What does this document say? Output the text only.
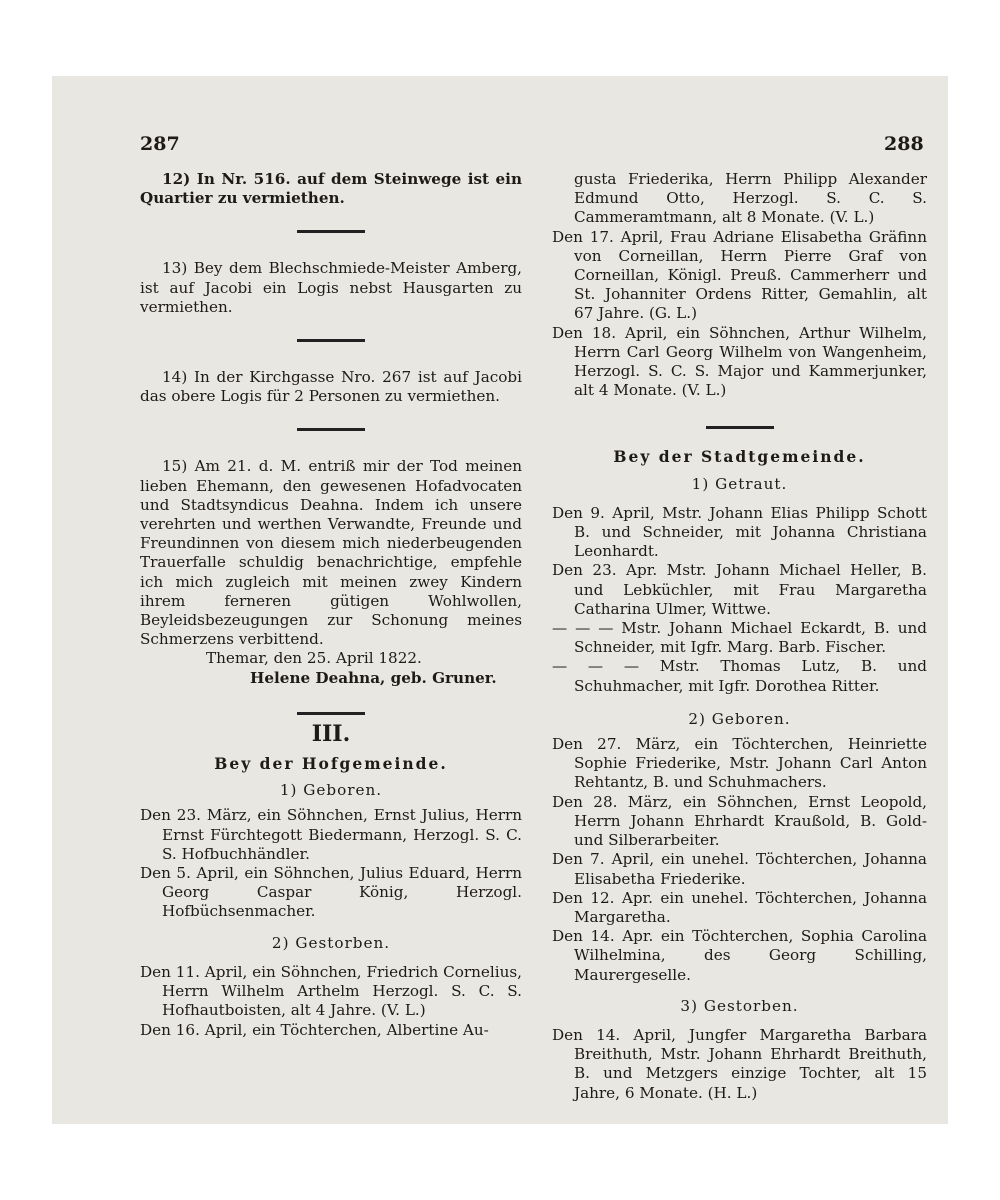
287	288

12) In Nr. 516. auf dem Steinwege ist ein Quartier zu vermiethen.

13) Bey dem Blechschmiede-Meister Amberg, ist auf Jacobi ein Logis nebst Hausgarten zu vermiethen.

14) In der Kirchgasse Nro. 267 ist auf Jacobi das obere Logis für 2 Personen zu vermiethen.

15) Am 21. d. M. entriß mir der Tod meinen lieben Ehemann, den gewesenen Hofadvocaten und Stadtsyndicus Deahna. Indem ich unsere verehrten und werthen Verwandte, Freunde und Freundinnen von diesem mich niederbeugenden Trauerfalle schuldig benachrichtige, empfehle ich mich zugleich mit meinen zwey Kindern ihrem ferneren gütigen Wohlwollen, Beyleidsbezeugungen zur Schonung meines Schmerzens verbittend.

Themar, den 25. April 1822.

Helene Deahna, geb. Gruner.

III.

Bey der Hofgemeinde.

1) Geboren.

Den 23. März, ein Söhnchen, Ernst Julius, Herrn Ernst Fürchtegott Biedermann, Herzogl. S. C. S. Hofbuchhändler.

Den 5. April, ein Söhnchen, Julius Eduard, Herrn Georg Caspar König, Herzogl. Hofbüchsenmacher.

2) Gestorben.

Den 11. April, ein Söhnchen, Friedrich Cornelius, Herrn Wilhelm Arthelm Herzogl. S. C. S. Hofhautboisten, alt 4 Jahre. (V. L.)

Den 16. April, ein Töchterchen, Albertine Au-

gusta Friederika, Herrn Philipp Alexander Edmund Otto, Herzogl. S. C. S. Cammeramtmann, alt 8 Monate. (V. L.)

Den 17. April, Frau Adriane Elisabetha Gräfinn von Corneillan, Herrn Pierre Graf von Corneillan, Königl. Preuß. Cammerherr und St. Johanniter Ordens Ritter, Gemahlin, alt 67 Jahre. (G. L.)

Den 18. April, ein Söhnchen, Arthur Wilhelm, Herrn Carl Georg Wilhelm von Wangenheim, Herzogl. S. C. S. Major und Kammerjunker, alt 4 Monate. (V. L.)

Bey der Stadtgemeinde.

1) Getraut.

Den 9. April, Mstr. Johann Elias Philipp Schott B. und Schneider, mit Johanna Christiana Leonhardt.

Den 23. Apr. Mstr. Johann Michael Heller, B. und Lebküchler, mit Frau Margaretha Catharina Ulmer, Wittwe.

— — — Mstr. Johann Michael Eckardt, B. und Schneider, mit Igfr. Marg. Barb. Fischer.

— — — Mstr. Thomas Lutz, B. und Schuhmacher, mit Igfr. Dorothea Ritter.

2) Geboren.

Den 27. März, ein Töchterchen, Heinriette Sophie Friederike, Mstr. Johann Carl Anton Rehtantz, B. und Schuhmachers.

Den 28. März, ein Söhnchen, Ernst Leopold, Herrn Johann Ehrhardt Kraußold, B. Gold- und Silberarbeiter.

Den 7. April, ein unehel. Töchterchen, Johanna Elisabetha Friederike.

Den 12. Apr. ein unehel. Töchterchen, Johanna Margaretha.

Den 14. Apr. ein Töchterchen, Sophia Carolina Wilhelmina, des Georg Schilling, Maurergeselle.

3) Gestorben.

Den 14. April, Jungfer Margaretha Barbara Breithuth, Mstr. Johann Ehrhardt Breithuth, B. und Metzgers einzige Tochter, alt 15 Jahre, 6 Monate. (H. L.)
